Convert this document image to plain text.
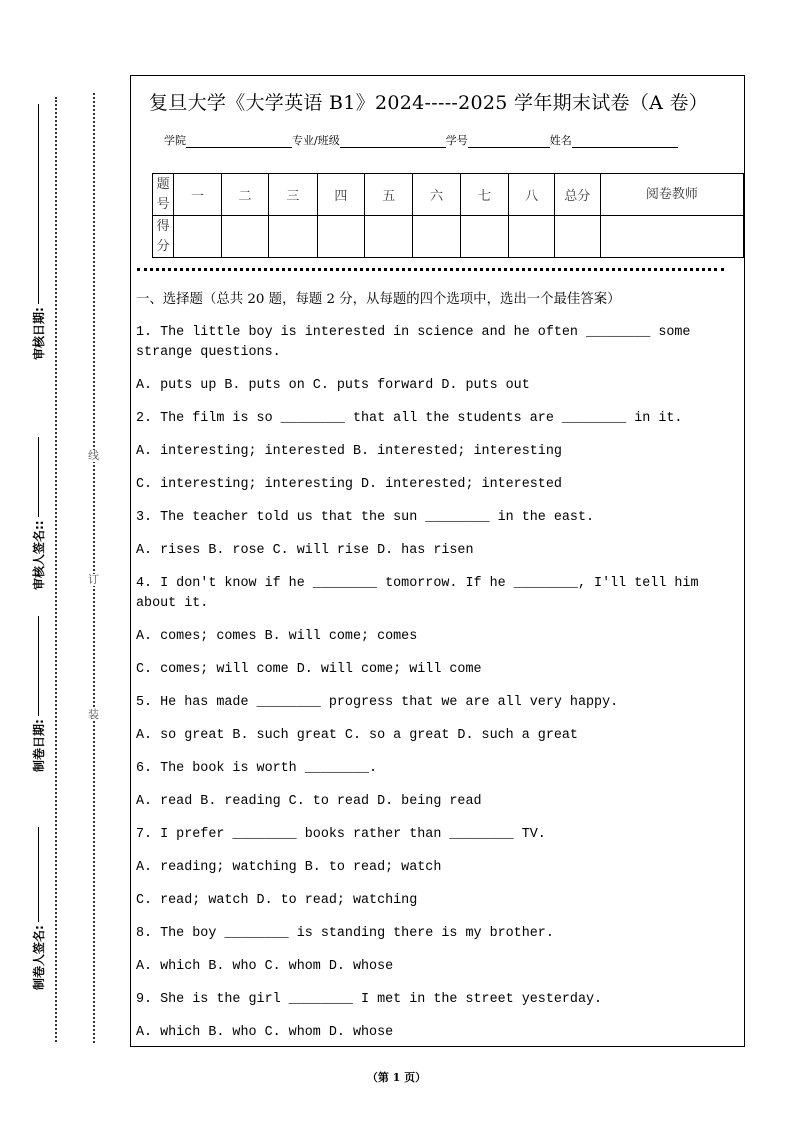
线
订
装
审核日期:
审核人签名::
制卷日期:
制卷人签名:
复旦大学《大学英语 B1》2024-----2025 学年期末试卷（A 卷）
学院	专业/班级	学号	姓名
题号	一	二	三	四	五	六	七	八	总分	阅卷教师
得分										

一、选择题（总共 20 题，每题 2 分，从每题的四个选项中，选出一个最佳答案）

1. The little boy is interested in science and he often ________ some strange questions.

A. puts up B. puts on C. puts forward D. puts out

2. The film is so ________ that all the students are ________ in it.

A. interesting; interested B. interested; interesting

C. interesting; interesting D. interested; interested

3. The teacher told us that the sun ________ in the east.

A. rises B. rose C. will rise D. has risen

4. I don't know if he ________ tomorrow. If he ________, I'll tell him about it.

A. comes; comes B. will come; comes

C. comes; will come D. will come; will come

5. He has made ________ progress that we are all very happy.

A. so great B. such great C. so a great D. such a great

6. The book is worth ________.

A. read B. reading C. to read D. being read

7. I prefer ________ books rather than ________ TV.

A. reading; watching B. to read; watch

C. read; watch D. to read; watching

8. The boy ________ is standing there is my brother.

A. which B. who C. whom D. whose

9. She is the girl ________ I met in the street yesterday.

A. which B. who C. whom D. whose

（第 1 页）
